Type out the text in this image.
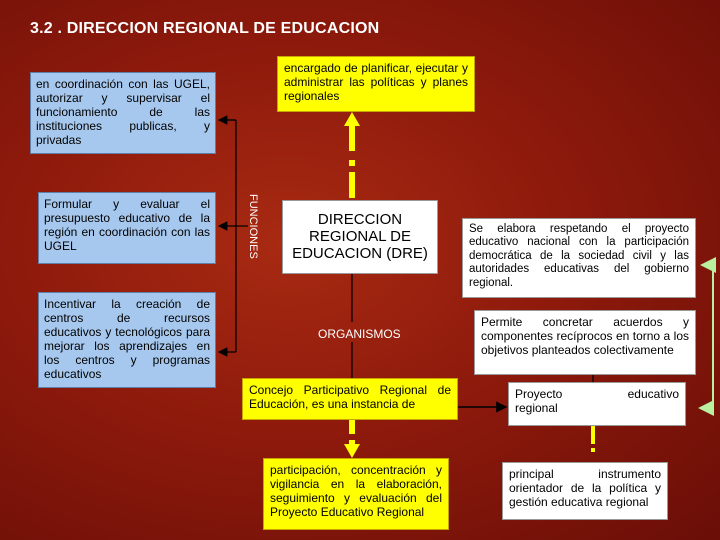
3.2 . DIRECCION REGIONAL DE EDUCACION
en coordinación con las UGEL, autorizar y supervisar el funcionamiento de las instituciones publicas, y privadas
Formular y evaluar el presupuesto educativo de la región en coordinación con las UGEL
Incentivar la creación de centros de recursos educativos y tecnológicos para mejorar los aprendizajes en los centros y programas educativos
FUNCIONES
encargado de planificar, ejecutar y administrar las políticas y planes regionales
DIRECCION REGIONAL DE EDUCACION (DRE)
ORGANISMOS
Se elabora respetando el proyecto educativo nacional con la participación democrática de la sociedad civil y las autoridades educativas del gobierno regional.
Permite concretar acuerdos y componentes recíprocos en torno a los objetivos planteados colectivamente
Concejo Participativo Regional de Educación, es una instancia de
participación, concentración y vigilancia en la elaboración, seguimiento y evaluación del Proyecto Educativo Regional
Proyecto educativo regional
principal instrumento orientador de la política y gestión educativa regional
